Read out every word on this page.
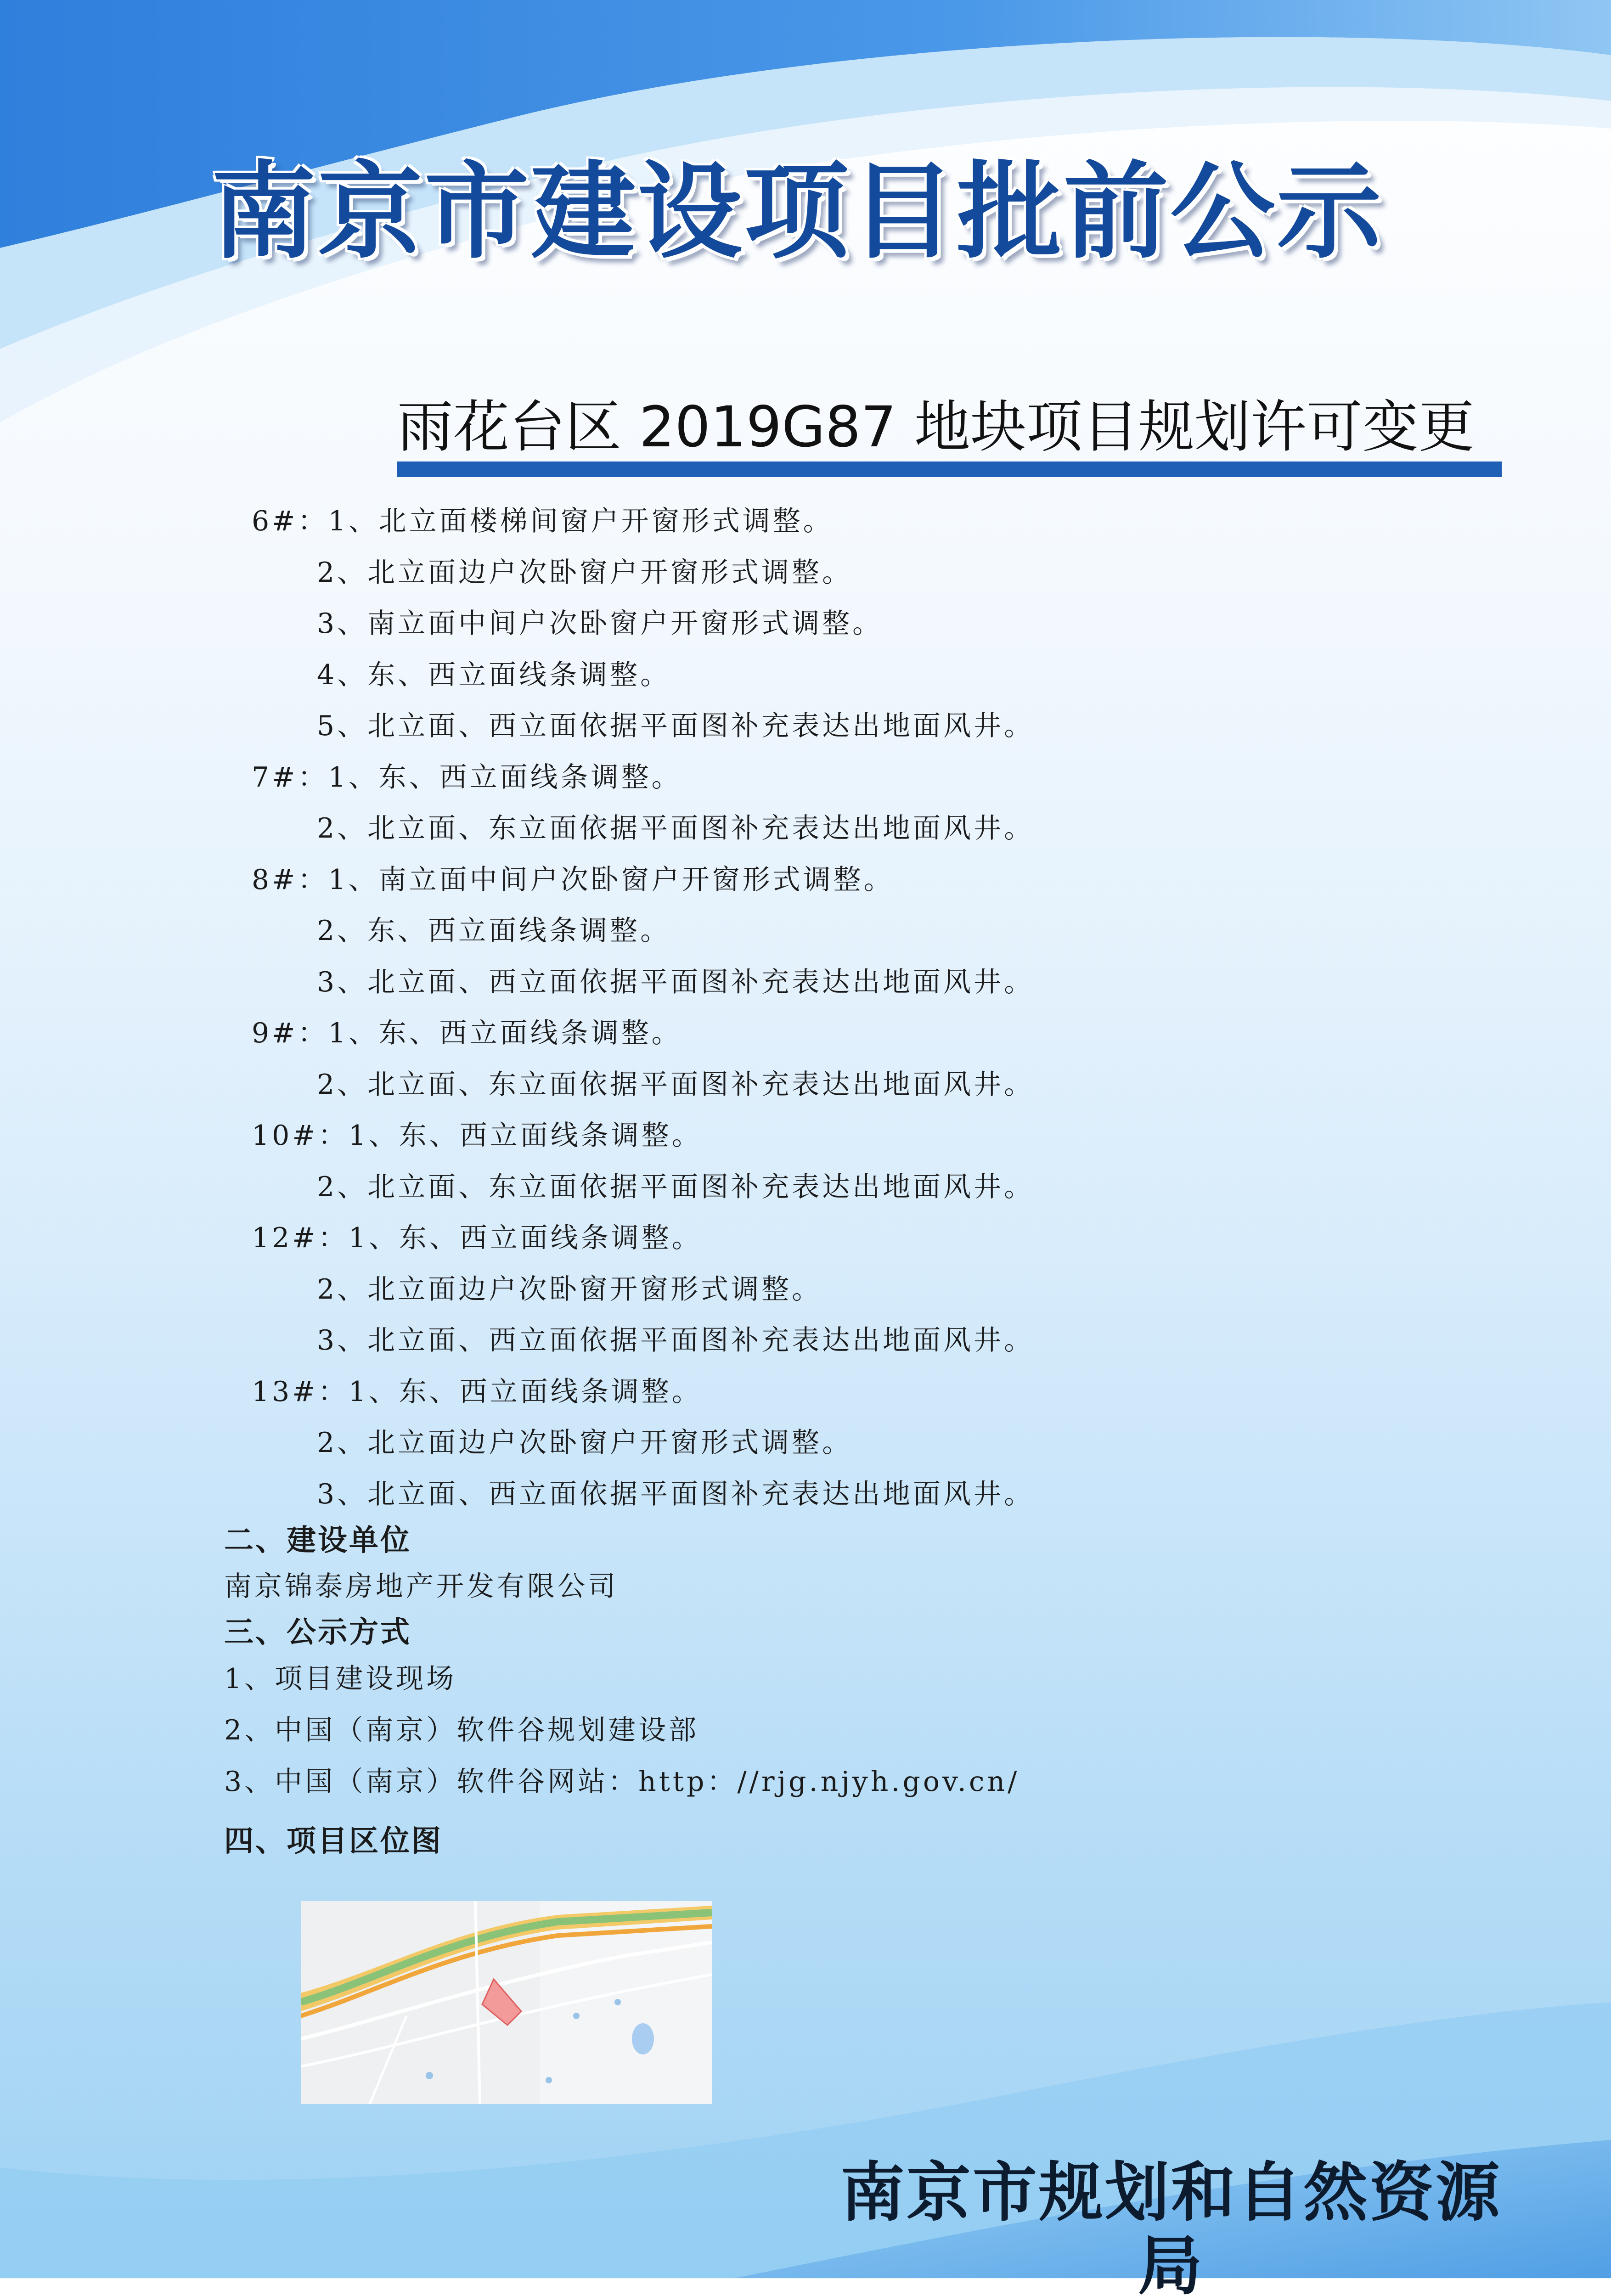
南京市建设项目批前公示
雨花台区 2019G87 地块项目规划许可变更
6#：1、北立面楼梯间窗户开窗形式调整。
2、北立面边户次卧窗户开窗形式调整。
3、南立面中间户次卧窗户开窗形式调整。
4、东、西立面线条调整。
5、北立面、西立面依据平面图补充表达出地面风井。
7#：1、东、西立面线条调整。
2、北立面、东立面依据平面图补充表达出地面风井。
8#：1、南立面中间户次卧窗户开窗形式调整。
2、东、西立面线条调整。
3、北立面、西立面依据平面图补充表达出地面风井。
9#：1、东、西立面线条调整。
2、北立面、东立面依据平面图补充表达出地面风井。
10#：1、东、西立面线条调整。
2、北立面、东立面依据平面图补充表达出地面风井。
12#：1、东、西立面线条调整。
2、北立面边户次卧窗开窗形式调整。
3、北立面、西立面依据平面图补充表达出地面风井。
13#：1、东、西立面线条调整。
2、北立面边户次卧窗户开窗形式调整。
3、北立面、西立面依据平面图补充表达出地面风井。
二、建设单位
南京锦泰房地产开发有限公司
三、公示方式
1、项目建设现场
2、中国（南京）软件谷规划建设部
3、中国（南京）软件谷网站：http：//rjg.njyh.gov.cn/
四、项目区位图
南京市规划和自然资源局
